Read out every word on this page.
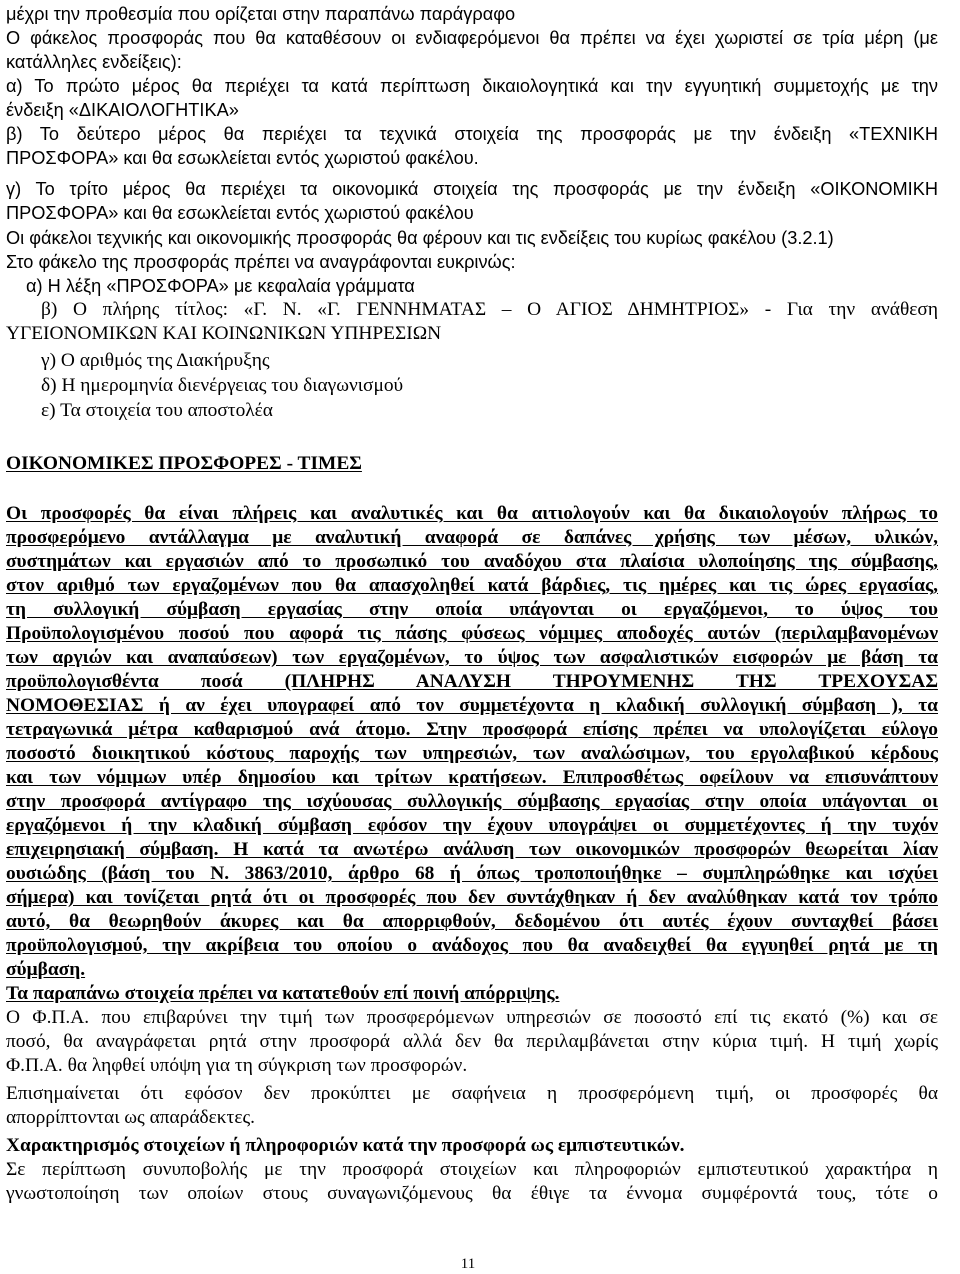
μέχρι την προθεσμία που ορίζεται στην παραπάνω παράγραφο
Ο φάκελος προσφοράς που θα καταθέσουν οι ενδιαφερόμενοι θα πρέπει να έχει χωριστεί σε τρία μέρη (με
κατάλληλες ενδείξεις):
α) Το πρώτο μέρος θα περιέχει τα κατά περίπτωση δικαιολογητικά και την εγγυητική συμμετοχής με την
ένδειξη «ΔΙΚΑΙΟΛΟΓΗΤΙΚΑ»
β) Το δεύτερο μέρος θα περιέχει τα τεχνικά στοιχεία της προσφοράς με την ένδειξη «ΤΕΧΝΙΚΗ
ΠΡΟΣΦΟΡΑ» και θα εσωκλείεται εντός χωριστού φακέλου.
γ) Το τρίτο μέρος θα περιέχει τα οικονομικά στοιχεία της προσφοράς με την ένδειξη «ΟΙΚΟΝΟΜΙΚΗ
ΠΡΟΣΦΟΡΑ» και θα εσωκλείεται εντός χωριστού φακέλου
Οι φάκελοι τεχνικής και οικονομικής προσφοράς θα φέρουν και τις ενδείξεις του κυρίως φακέλου (3.2.1)
Στο φάκελο της προσφοράς πρέπει να αναγράφονται ευκρινώς:
α) Η λέξη «ΠΡΟΣΦΟΡΑ» με κεφαλαία γράμματα
β) Ο πλήρης τίτλος: «Γ. Ν. «Γ. ΓΕΝΝΗΜΑΤΑΣ – Ο ΑΓΙΟΣ ΔΗΜΗΤΡΙΟΣ» - Για την ανάθεση
ΥΓΕΙΟΝΟΜΙΚΩΝ ΚΑΙ ΚΟΙΝΩΝΙΚΩΝ ΥΠΗΡΕΣΙΩΝ
γ) Ο αριθμός της Διακήρυξης
δ) Η ημερομηνία διενέργειας του διαγωνισμού
ε) Τα στοιχεία του αποστολέα
ΟΙΚΟΝΟΜΙΚΕΣ ΠΡΟΣΦΟΡΕΣ - ΤΙΜΕΣ
Οι προσφορές θα είναι πλήρεις και αναλυτικές και θα αιτιολογούν και θα δικαιολογούν πλήρως το
προσφερόμενο αντάλλαγμα με αναλυτική αναφορά σε δαπάνες χρήσης των μέσων, υλικών,
συστημάτων και εργασιών από το προσωπικό του αναδόχου στα πλαίσια υλοποίησης της σύμβασης,
στον αριθμό των εργαζομένων που θα απασχοληθεί κατά βάρδιες, τις ημέρες και τις ώρες εργασίας,
τη συλλογική σύμβαση εργασίας στην οποία υπάγονται οι εργαζόμενοι, το ύψος του
Προϋπολογισμένου ποσού που αφορά τις πάσης φύσεως νόμιμες αποδοχές αυτών (περιλαμβανομένων
των αργιών και αναπαύσεων) των εργαζομένων, το ύψος των ασφαλιστικών εισφορών με βάση τα
προϋπολογισθέντα ποσά (ΠΛΗΡΗΣ ΑΝΑΛΥΣΗ ΤΗΡΟΥΜΕΝΗΣ ΤΗΣ ΤΡΕΧΟΥΣΑΣ
ΝΟΜΟΘΕΣΙΑΣ ή αν έχει υπογραφεί από τον συμμετέχοντα η κλαδική συλλογική σύμβαση ), τα
τετραγωνικά μέτρα καθαρισμού ανά άτομο. Στην προσφορά επίσης πρέπει να υπολογίζεται εύλογο
ποσοστό διοικητικού κόστους παροχής των υπηρεσιών, των αναλώσιμων, του εργολαβικού κέρδους
και των νόμιμων υπέρ δημοσίου και τρίτων κρατήσεων. Επιπροσθέτως οφείλουν να επισυνάπτουν
στην προσφορά αντίγραφο της ισχύουσας συλλογικής σύμβασης εργασίας στην οποία υπάγονται οι
εργαζόμενοι ή την κλαδική σύμβαση εφόσον την έχουν υπογράψει οι συμμετέχοντες ή την τυχόν
επιχειρησιακή σύμβαση. Η κατά τα ανωτέρω ανάλυση των οικονομικών προσφορών θεωρείται λίαν
ουσιώδης (βάση του Ν. 3863/2010, άρθρο 68 ή όπως τροποποιήθηκε – συμπληρώθηκε και ισχύει
σήμερα) και τονίζεται ρητά ότι οι προσφορές που δεν συντάχθηκαν ή δεν αναλύθηκαν κατά τον τρόπο
αυτό, θα θεωρηθούν άκυρες και θα απορριφθούν, δεδομένου ότι αυτές έχουν συνταχθεί βάσει
προϋπολογισμού, την ακρίβεια του οποίου ο ανάδοχος που θα αναδειχθεί θα εγγυηθεί ρητά με τη
σύμβαση.
Τα παραπάνω στοιχεία πρέπει να κατατεθούν επί ποινή απόρριψης.
Ο Φ.Π.Α. που επιβαρύνει την τιμή των προσφερόμενων υπηρεσιών σε ποσοστό επί τις εκατό (%) και σε
ποσό, θα αναγράφεται ρητά στην προσφορά αλλά δεν θα περιλαμβάνεται στην κύρια τιμή. Η τιμή χωρίς
Φ.Π.Α. θα ληφθεί υπόψη για τη σύγκριση των προσφορών.
Επισημαίνεται ότι εφόσον δεν προκύπτει με σαφήνεια η προσφερόμενη τιμή, οι προσφορές θα
απορρίπτονται ως απαράδεκτες.
Χαρακτηρισμός στοιχείων ή πληροφοριών κατά την προσφορά ως εμπιστευτικών.
Σε περίπτωση συνυποβολής με την προσφορά στοιχείων και πληροφοριών εμπιστευτικού χαρακτήρα η
γνωστοποίηση των οποίων στους συναγωνιζόμενους θα έθιγε τα έννομα συμφέροντά τους, τότε ο
11
